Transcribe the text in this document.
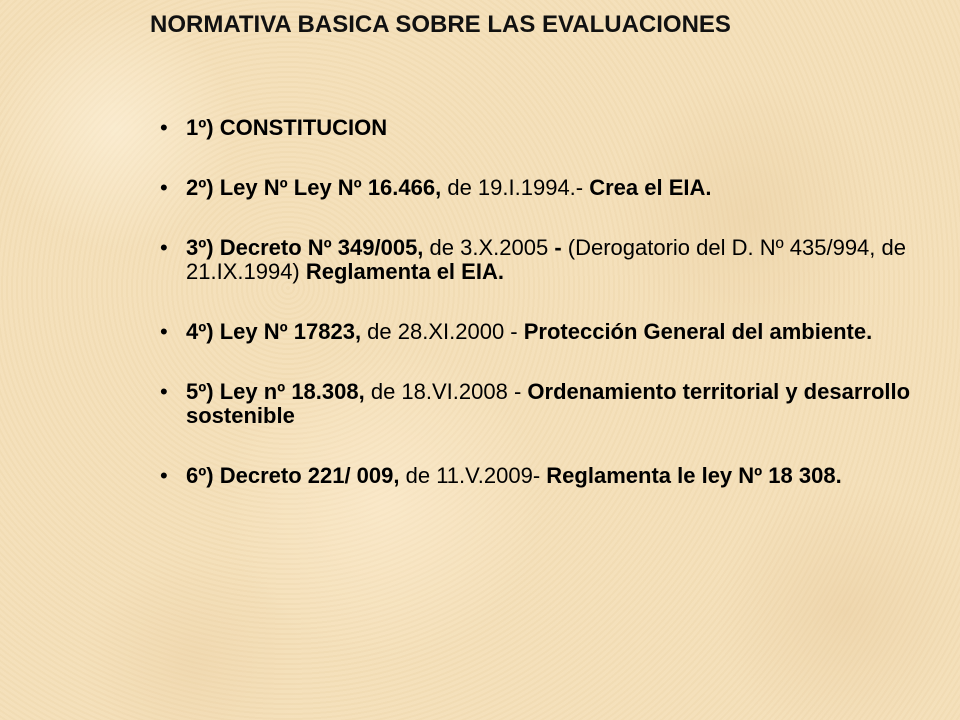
NORMATIVA BASICA SOBRE LAS EVALUACIONES
• 1º) CONSTITUCION
• 2º) Ley Nº Ley Nº 16.466, de 19.I.1994.- Crea el EIA.
• 3º) Decreto Nº 349/005, de 3.X.2005 - (Derogatorio del D. Nº 435/994, de 21.IX.1994) Reglamenta el EIA.
• 4º) Ley Nº 17823, de 28.XI.2000 - Protección General del ambiente.
• 5º) Ley nº 18.308, de 18.VI.2008 - Ordenamiento territorial y desarrollo sostenible
• 6º) Decreto 221/ 009, de 11.V.2009- Reglamenta le ley Nº 18 308.
